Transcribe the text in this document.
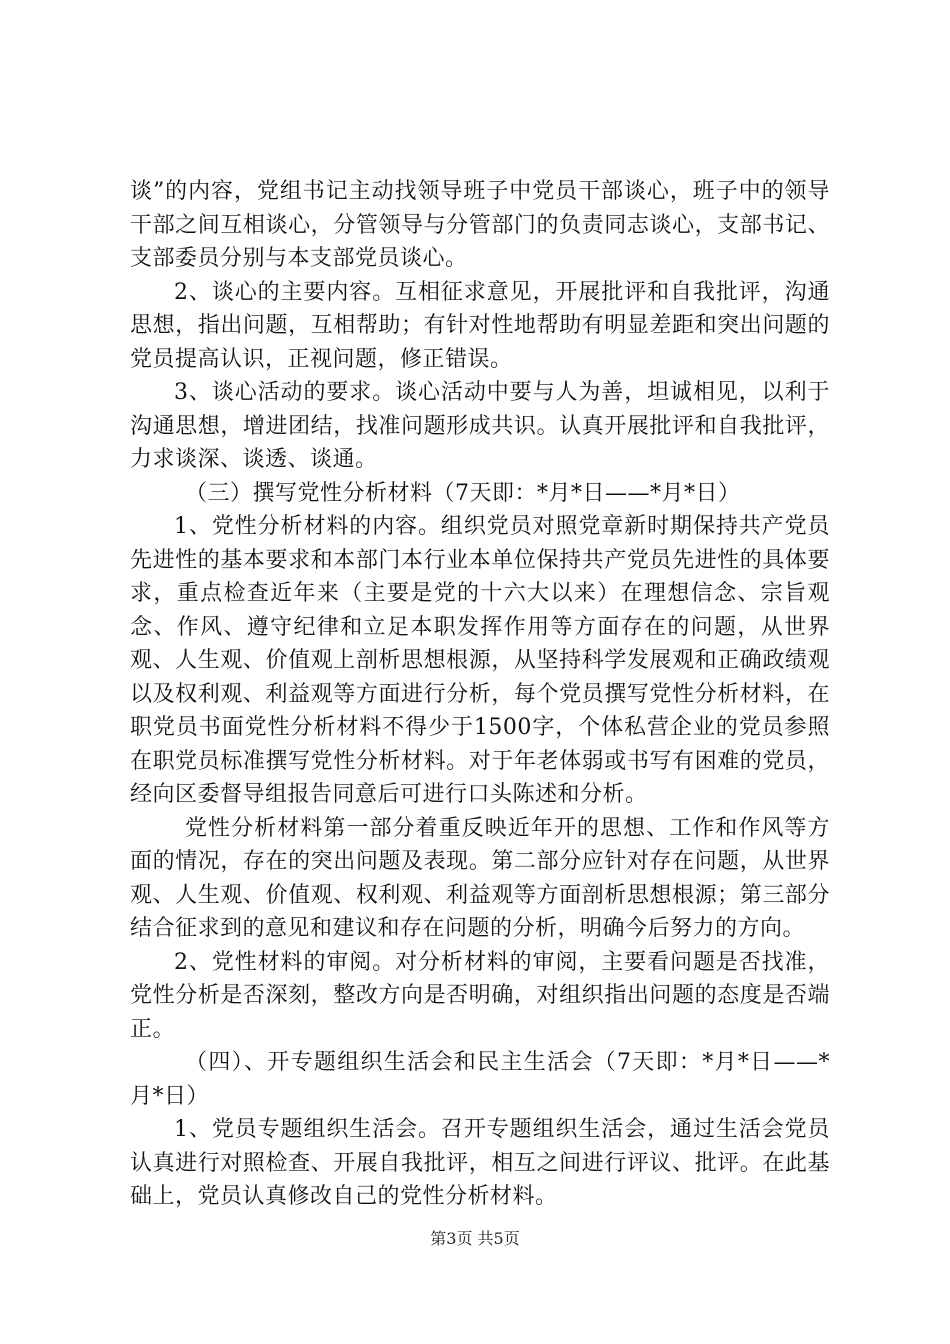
谈”的内容，党组书记主动找领导班子中党员干部谈心，班子中的领导干部之间互相谈心，分管领导与分管部门的负责同志谈心，支部书记、支部委员分别与本支部党员谈心。

2、谈心的主要内容。互相征求意见，开展批评和自我批评，沟通思想，指出问题，互相帮助；有针对性地帮助有明显差距和突出问题的党员提高认识，正视问题，修正错误。

3、谈心活动的要求。谈心活动中要与人为善，坦诚相见，以利于沟通思想，增进团结，找准问题形成共识。认真开展批评和自我批评，力求谈深、谈透、谈通。

（三）撰写党性分析材料（7天即：*月*日——*月*日）

1、党性分析材料的内容。组织党员对照党章新时期保持共产党员先进性的基本要求和本部门本行业本单位保持共产党员先进性的具体要求，重点检查近年来（主要是党的十六大以来）在理想信念、宗旨观念、作风、遵守纪律和立足本职发挥作用等方面存在的问题，从世界观、人生观、价值观上剖析思想根源，从坚持科学发展观和正确政绩观以及权利观、利益观等方面进行分析，每个党员撰写党性分析材料，在职党员书面党性分析材料不得少于1500字，个体私营企业的党员参照在职党员标准撰写党性分析材料。对于年老体弱或书写有困难的党员，经向区委督导组报告同意后可进行口头陈述和分析。

党性分析材料第一部分着重反映近年开的思想、工作和作风等方面的情况，存在的突出问题及表现。第二部分应针对存在问题，从世界观、人生观、价值观、权利观、利益观等方面剖析思想根源；第三部分结合征求到的意见和建议和存在问题的分析，明确今后努力的方向。

2、党性材料的审阅。对分析材料的审阅，主要看问题是否找准，党性分析是否深刻，整改方向是否明确，对组织指出问题的态度是否端正。

（四）、开专题组织生活会和民主生活会（7天即：*月*日——*月*日）

1、党员专题组织生活会。召开专题组织生活会，通过生活会党员认真进行对照检查、开展自我批评，相互之间进行评议、批评。在此基础上，党员认真修改自己的党性分析材料。

第3页 共5页
